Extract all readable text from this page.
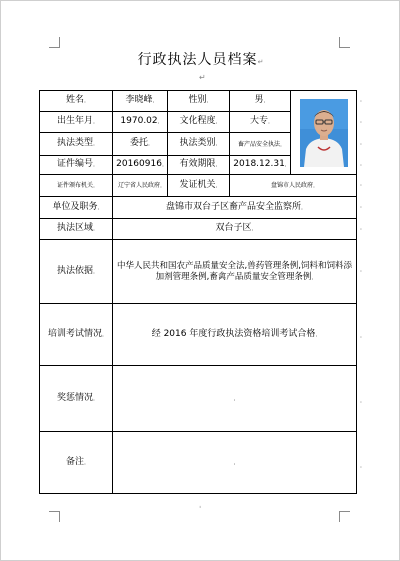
行政执法人员档案↵
↵
姓名ˌ	李晓峰ˌ	性别ˌ	男ˌ	

出生年月ˌ	1970.02ˌ	文化程度ˌ	大专ˌ	
执法类型ˌ	委托ˌ	执法类别ˌ	畜产品安全执法ˌ	
证件编号ˌ	20160916ˌ	有效期限ˌ	2018.12.31ˌ	
证件颁布机关ˌ	辽宁省人民政府ˌ	发证机关ˌ	盘锦市人民政府ˌ	
单位及职务ˌ	盘锦市双台子区畜产品安全监察所ˌ			
执法区域ˌ	双台子区ˌ			
执法依据ˌ	中华人民共和国农产品质量安全法,兽药管理条例,饲料和饲料添加剂管理条例,畜禽产品质量安全管理条例ˌ			
培训考试情况ˌ	经 2016 年度行政执法资格培训考试合格ˌ			
奖惩情况ˌ	ˌ			
备注ˌ	ˌ			
ˌ
ˌ
ˌ
ˌ
ˌ
ˌ
ˌ
ˌ
ˌ
ˌ
ˌ
ˌ
